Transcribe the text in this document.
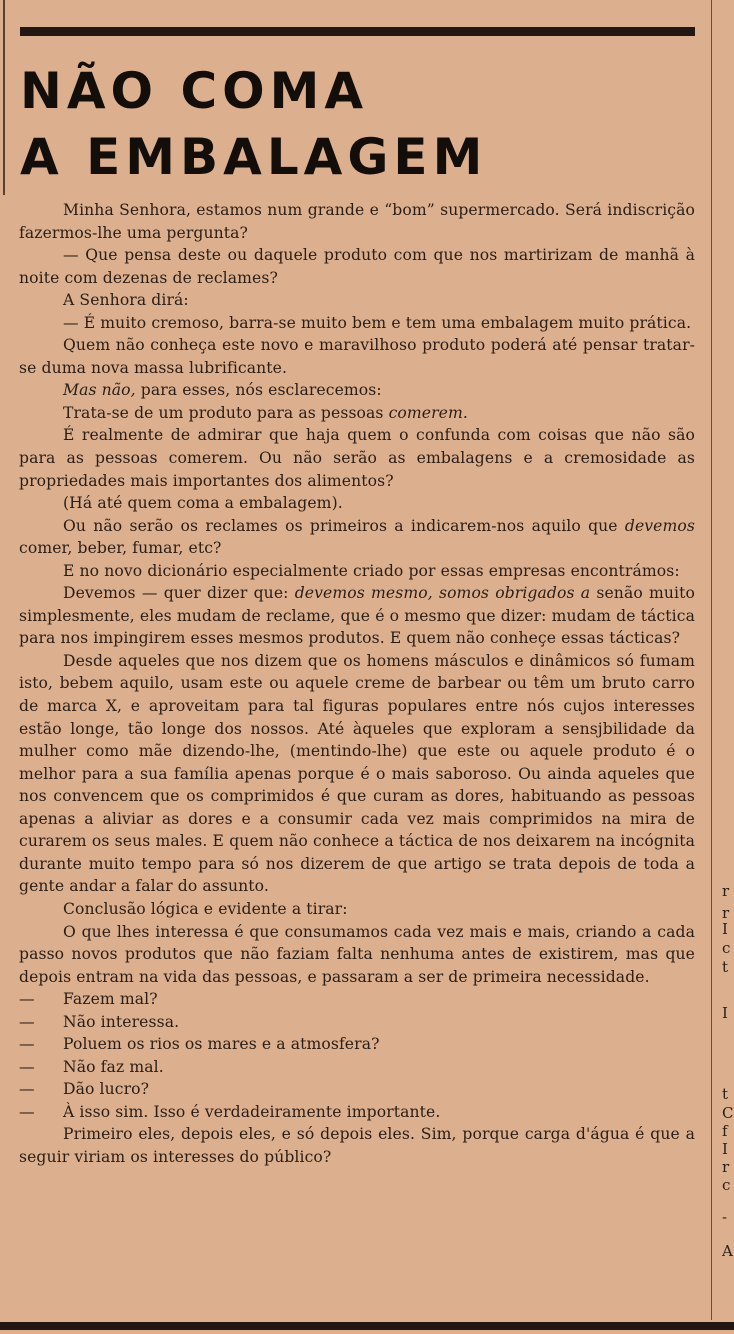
NÃO COMA
A EMBALAGEM

Minha Senhora, estamos num grande e “bom” supermercado. Será indiscrição fazermos-lhe uma pergunta?

— Que pensa deste ou daquele produto com que nos martirizam de manhã à noite com dezenas de reclames?

A Senhora dirá:

— É muito cremoso, barra-se muito bem e tem uma embalagem muito prática.

Quem não conheça este novo e maravilhoso produto poderá até pensar tratar-se duma nova massa lubrificante.

Mas não, para esses, nós esclarecemos:

Trata-se de um produto para as pessoas comerem.

É realmente de admirar que haja quem o confunda com coisas que não são para as pessoas comerem. Ou não serão as embalagens e a cremosidade as propriedades mais importantes dos alimentos?

(Há até quem coma a embalagem).

Ou não serão os reclames os primeiros a indicarem-nos aquilo que devemos comer, beber, fumar, etc?

E no novo dicionário especialmente criado por essas empresas encontrámos:

Devemos — quer dizer que: devemos mesmo, somos obrigados a senão muito simplesmente, eles mudam de reclame, que é o mesmo que dizer: mudam de táctica para nos impingirem esses mesmos produtos. E quem não conheçe essas tácticas?

Desde aqueles que nos dizem que os homens másculos e dinâmicos só fumam isto, bebem aquilo, usam este ou aquele creme de barbear ou têm um bruto carro de marca X, e aproveitam para tal figuras populares entre nós cujos interesses estão longe, tão longe dos nossos. Até àqueles que exploram a sensjbilidade da mulher como mãe dizendo-lhe, (mentindo-lhe) que este ou aquele produto é o melhor para a sua família apenas porque é o mais saboroso. Ou ainda aqueles que nos convencem que os comprimidos é que curam as dores, habituando as pessoas apenas a aliviar as dores e a consumir cada vez mais comprimidos na mira de curarem os seus males. E quem não conhece a táctica de nos deixarem na incógnita durante muito tempo para só nos dizerem de que artigo se trata depois de toda a gente andar a falar do assunto.

Conclusão lógica e evidente a tirar:

O que lhes interessa é que consumamos cada vez mais e mais, criando a cada passo novos produtos que não faziam falta nenhuma antes de existirem, mas que depois entram na vida das pessoas, e passaram a ser de primeira necessidade.

— Fazem mal?

— Não interessa.

— Poluem os rios os mares e a atmosfera?

— Não faz mal.

— Dão lucro?

— À isso sim. Isso é verdadeiramente importante.

Primeiro eles, depois eles, e só depois eles. Sim, porque carga d'água é que a seguir viriam os interesses do público?

r
r
I
c
t
I
t
C
f
I
r
c
-
A
